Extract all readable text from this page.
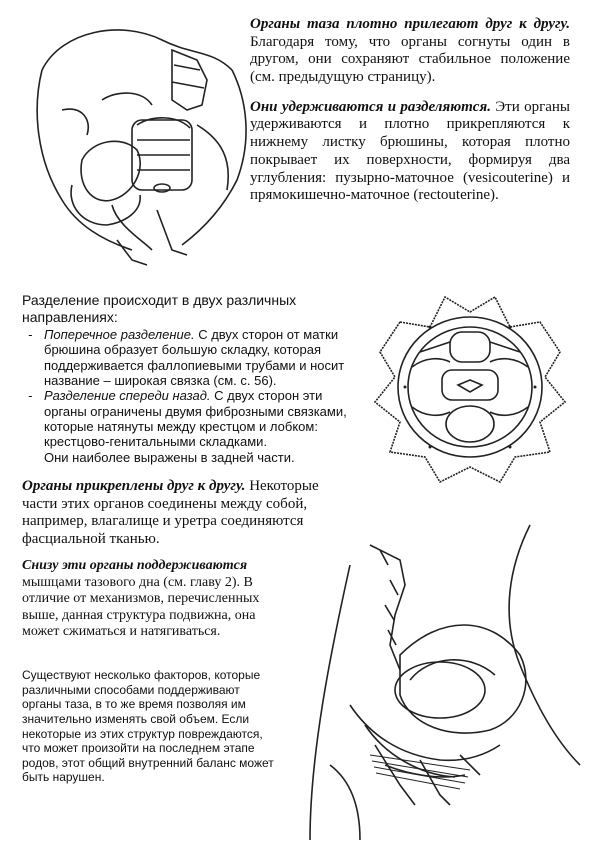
Органы таза плотно прилегают друг к другу. Благодаря тому, что органы согнуты один в другом, они сохраняют стабильное положение (см. предыдущую страницу).

Они удерживаются и разделяются. Эти органы удерживаются и плотно прикрепляются к нижнему листку брюшины, которая плотно покрывает их поверхности, формируя два углубления: пузырно-маточное (vesicouterine) и прямокишечно-маточное (rectouterine).

Разделение происходит в двух различных направлениях:

- Поперечное разделение. С двух сторон от матки брюшина образует большую складку, которая поддерживается фаллопиевыми трубами и носит название – широкая связка (см. с. 56).
- Разделение спереди назад. С двух сторон эти органы ограничены двумя фиброзными связками, которые натянуты между крестцом и лобком: крестцово-генитальными складками.
Они наиболее выражены в задней части.

Органы прикреплены друг к другу. Некоторые части этих органов соединены между собой, например, влагалище и уретра соединяются фасциальной тканью.

Снизу эти органы поддерживаются мышцами тазового дна (см. главу 2). В отличие от механизмов, перечисленных выше, данная структура подвижна, она может сжиматься и натягиваться.

Существуют несколько факторов, которые различными способами поддерживают органы таза, в то же время позволяя им значительно изменять свой объем. Если некоторые из этих структур повреждаются, что может произойти на последнем этапе родов, этот общий внутренний баланс может быть нарушен.
